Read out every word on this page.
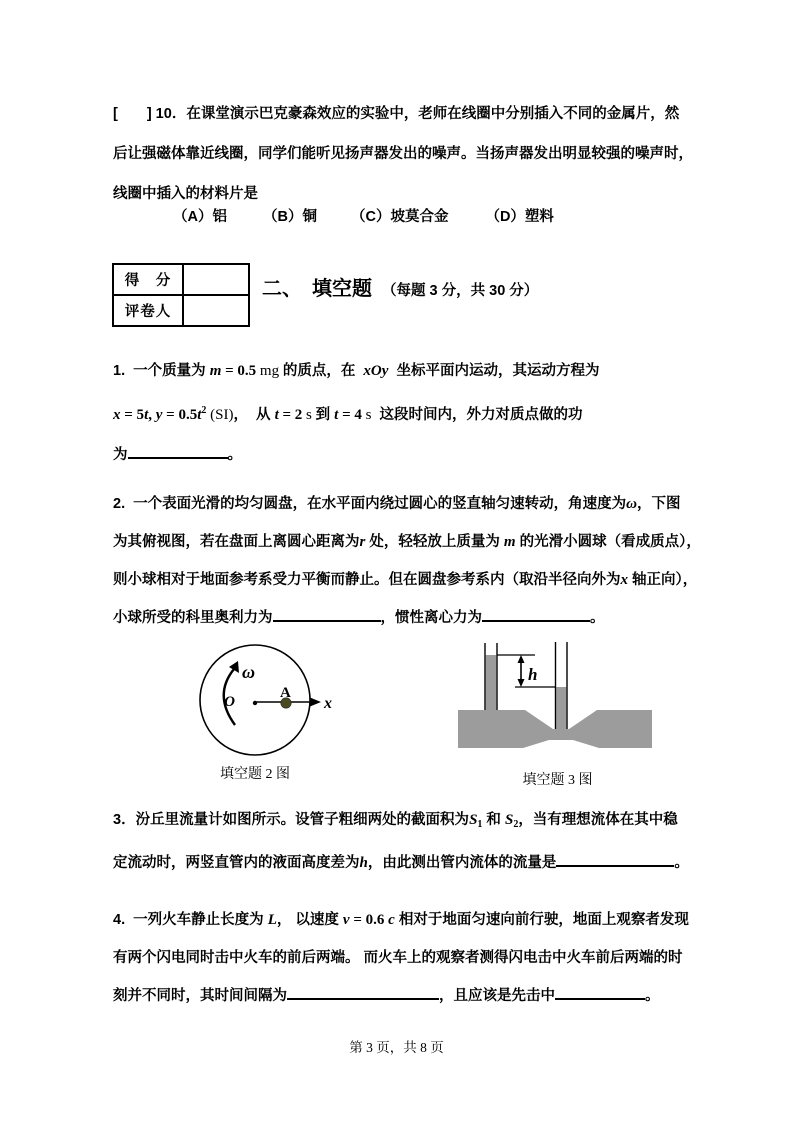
[　　] 10．在课堂演示巴克豪森效应的实验中，老师在线圈中分别插入不同的金属片，然
后让强磁体靠近线圈，同学们能听见扬声器发出的噪声。当扬声器发出明显较强的噪声时，
线圈中插入的材料片是
（A）铝 （B）铜 （C）坡莫合金	（D）塑料
得　分	
评卷人	
二、 填空题 （每题 3 分，共 30 分）
1.  一个质量为 m = 0.5 mg 的质点，在  xOy  坐标平面内运动，其运动方程为
x = 5t, $y = 0.5t^2$ (SI)，  从 t = 2 s 到 t = 4 s  这段时间内，外力对质点做的功
为	。
2.  一个表面光滑的均匀圆盘，在水平面内绕过圆心的竖直轴匀速转动，角速度为ω，下图
为其俯视图，若在盘面上离圆心距离为r 处，轻轻放上质量为 m 的光滑小圆球（看成质点），
则小球相对于地面参考系受力平衡而静止。但在圆盘参考系内（取沿半径向外为x 轴正向），
小球所受的科里奥利力为	，惯性离心力为	。
ω
x
O
A
填空题 2 图
h
填空题 3 图
3．汾丘里流量计如图所示。设管子粗细两处的截面积为$S_1$ 和 $S_2$，当有理想流体在其中稳
定流动时，两竖直管内的液面高度差为h，由此测出管内流体的流量是	。
4.  一列火车静止长度为 L， 以速度 v = 0.6 c 相对于地面匀速向前行驶，地面上观察者发现
有两个闪电同时击中火车的前后两端。 而火车上的观察者测得闪电击中火车前后两端的时
刻并不同时，其时间间隔为	，且应该是先击中	。
第 3 页，共 8 页
